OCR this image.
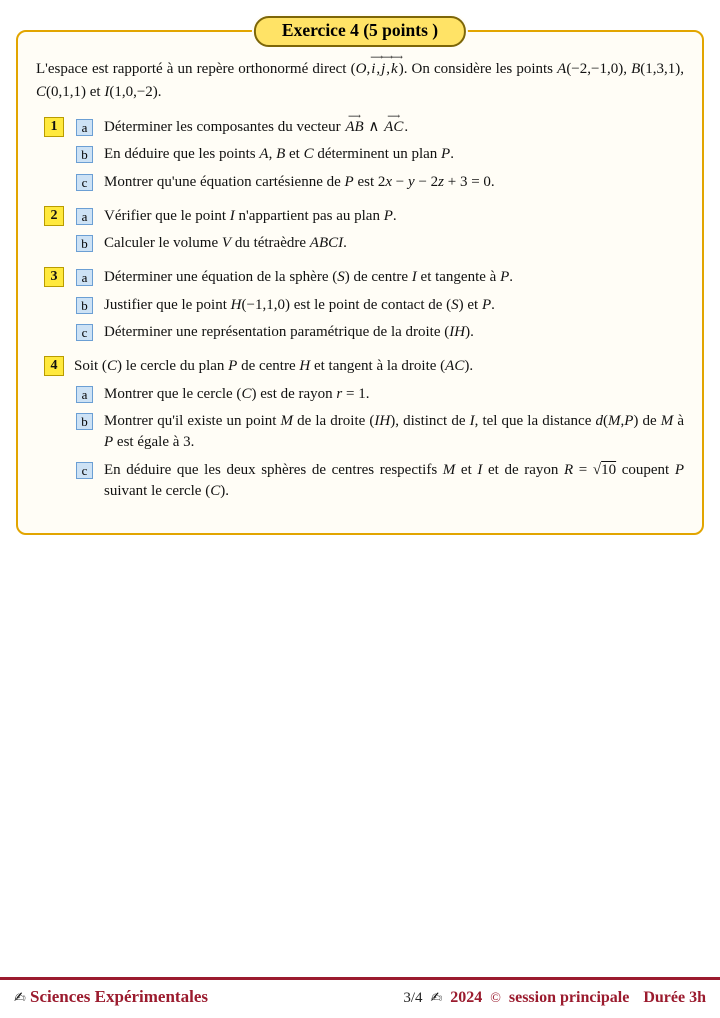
Exercice 4 (5 points )

L'espace est rapporté à un repère orthonormé direct (O,⟶ i,⟶ j,⟶ k). On considère les points A(−2,−1,0), B(1,3,1), C(0,1,1) et I(1,0,−2).

1	a	Déterminer les composantes du vecteur ⟶ AB ∧ ⟶ AC.
b	En déduire que les points A, B et C déterminent un plan P.
c	Montrer qu'une équation cartésienne de P est 2x − y − 2z + 3 = 0.
2	a	Vérifier que le point I n'appartient pas au plan P.
b	Calculer le volume V du tétraèdre ABCI.
3	a	Déterminer une équation de la sphère (S) de centre I et tangente à P.
b	Justifier que le point H(−1,1,0) est le point de contact de (S) et P.
c	Déterminer une représentation paramétrique de la droite (IH).
4	Soit (C) le cercle du plan P de centre H et tangent à la droite (AC).
a	Montrer que le cercle (C) est de rayon r = 1.
b	Montrer qu'il existe un point M de la droite (IH), distinct de I, tel que la distance d(M,P) de M à P est égale à 3.
c	En déduire que les deux sphères de centres respectifs M et I et de rayon R = √10 coupent P suivant le cercle (C).
✍ Sciences Expérimentales	3/4 ✍ 2024 © session principale Durée 3h
